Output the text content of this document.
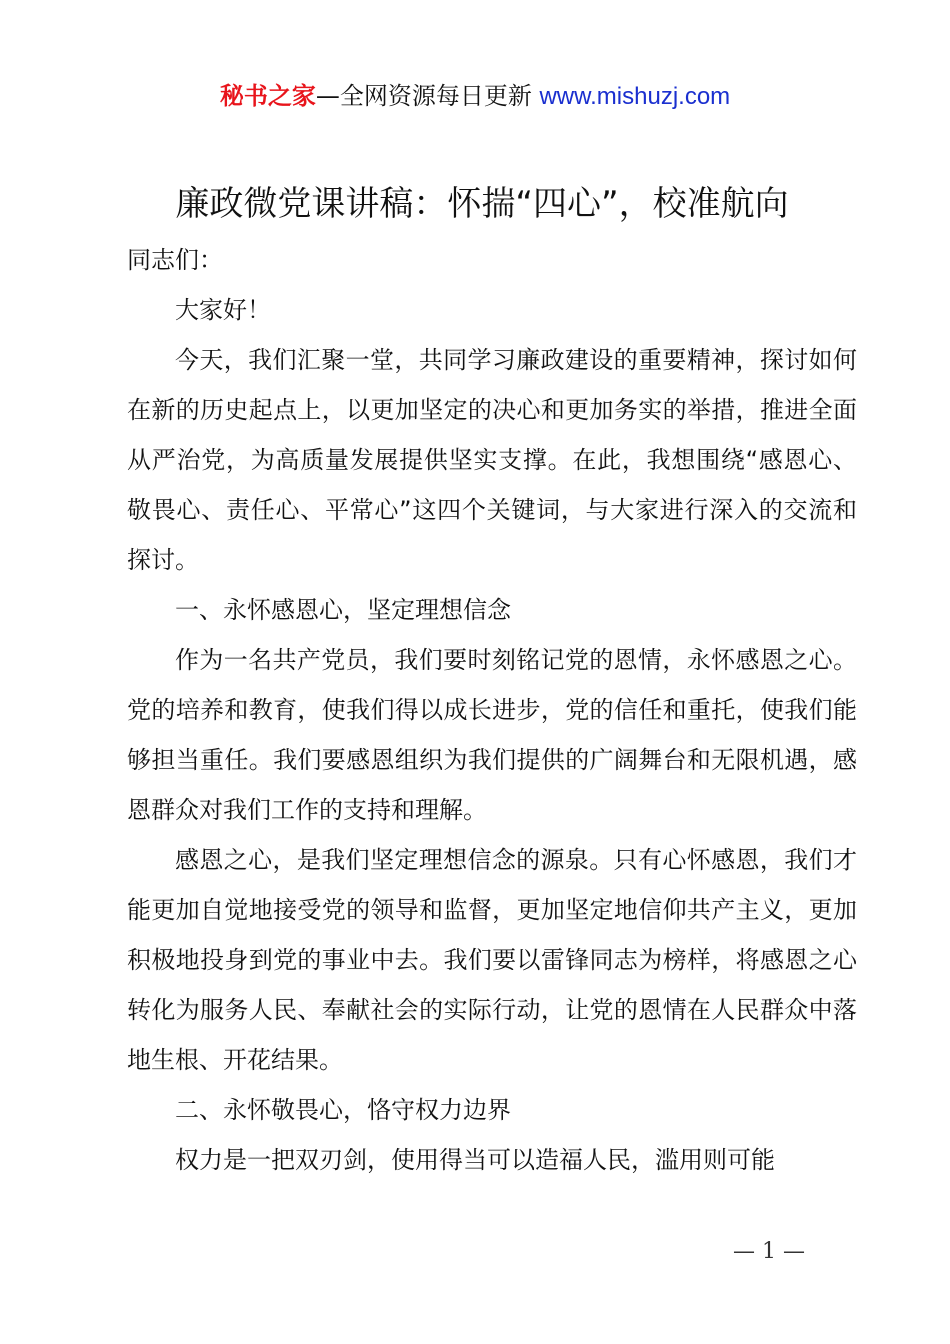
秘书之家—全网资源每日更新 www.mishuzj.com
廉政微党课讲稿：怀揣“四心”，校准航向

同志们：

大家好！

今天，我们汇聚一堂，共同学习廉政建设的重要精神，探讨如何在新的历史起点上，以更加坚定的决心和更加务实的举措，推进全面从严治党，为高质量发展提供坚实支撑。在此，我想围绕“感恩心、敬畏心、责任心、平常心”这四个关键词，与大家进行深入的交流和探讨。

一、永怀感恩心，坚定理想信念

作为一名共产党员，我们要时刻铭记党的恩情，永怀感恩之心。党的培养和教育，使我们得以成长进步，党的信任和重托，使我们能够担当重任。我们要感恩组织为我们提供的广阔舞台和无限机遇，感恩群众对我们工作的支持和理解。

感恩之心，是我们坚定理想信念的源泉。只有心怀感恩，我们才能更加自觉地接受党的领导和监督，更加坚定地信仰共产主义，更加积极地投身到党的事业中去。我们要以雷锋同志为榜样，将感恩之心转化为服务人民、奉献社会的实际行动，让党的恩情在人民群众中落地生根、开花结果。

二、永怀敬畏心，恪守权力边界

权力是一把双刃剑，使用得当可以造福人民，滥用则可能

— 1 —
